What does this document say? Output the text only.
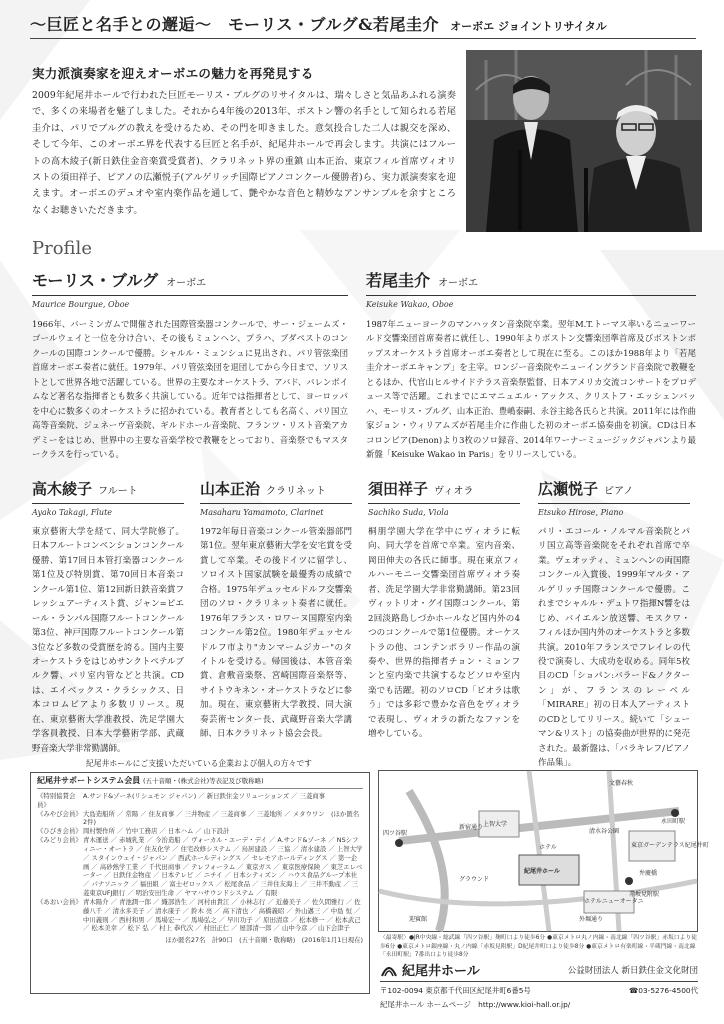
〜巨匠と名手との邂逅〜　モーリス・ブルグ&若尾圭介 オーボエ ジョイントリサイタル
実力派演奏家を迎えオーボエの魅力を再発見する

2009年紀尾井ホールで行われた巨匠モーリス・ブルグのリサイタルは、瑞々しさと気品あふれる演奏で、多くの来場者を魅了しました。それから4年後の2013年、ボストン響の名手として知られる若尾圭介は、パリでブルグの教えを受けるため、その門を叩きました。意気投合した二人は親交を深め、そして今年、このオーボエ界を代表する巨匠と名手が、紀尾井ホールで再会します。共演にはフルートの高木綾子(新日鉄住金音楽賞受賞者)、クラリネット界の重鎮 山本正治、東京フィル首席ヴィオリストの須田祥子、ピアノの広瀬悦子(アルゲリッチ国際ピアノコンクール優勝者)ら、実力派演奏家を迎えます。オーボエのデュオや室内楽作品を通して、艶やかな音色と精妙なアンサンブルを余すところなくお聴きいただきます。

Profile
モーリス・ブルグ オーボエ
Maurice Bourgue, Oboe
1966年、バーミンガムで開催された国際管楽器コンクールで、サー・ジェームズ・ゴールウェイと一位を分け合い、その後もミュンヘン、プラハ、ブダペストのコンクールの国際コンクールで優勝。シャルル・ミュンシュに見出され、パリ管弦楽団首席オーボエ奏者に就任。1979年、パリ管弦楽団を退団してから今日まで、ソリストとして世界各地で活躍している。世界の主要なオーケストラ、アバド、バレンボイムなど著名な指揮者とも数多く共演している。近年では指揮者として、ヨーロッパを中心に数多くのオーケストラに招かれている。教育者としても名高く、パリ国立高等音楽院、ジュネーヴ音楽院、ギルドホール音楽院、フランツ・リスト音楽アカデミーをはじめ、世界中の主要な音楽学校で教鞭をとっており、音楽祭でもマスタークラスを行っている。
若尾圭介 オーボエ
Keisuke Wakao, Oboe
1987年ニューヨークのマンハッタン音楽院卒業。翌年M.T.トーマス率いるニューワールド交響楽団首席奏者に就任し、1990年よりボストン交響楽団準首席及びボストンポップスオーケストラ首席オーボエ奏者として現在に至る。このほか1988年より「若尾圭介オーボエキャンプ」を主宰。ロンジー音楽院やニューイングランド音楽院で教鞭をとるほか、代官山ヒルサイドテラス音楽祭監督、日本アメリカ交流コンサートをプロデュース等で活躍。これまでにエマニュエル・アックス、クリストフ・エッシェンバッハ、モーリス・ブルグ、山本正治、豊嶋泰嗣、永谷主総各氏らと共演。2011年には作曲家ジョン・ウィリアムズが若尾圭介に作曲した初のオーボエ協奏曲を初演。CDは日本コロンビア(Denon)より3枚のソロ録音、2014年ワーナーミュージックジャパンより最新盤「Keisuke Wakao in Paris」をリリースしている。
高木綾子 フルート
Ayako Takagi, Flute
東京藝術大学を経て、同大学院修了。日本フルートコンベンションコンクール優勝、第17回日本管打楽器コンクール第1位及び特別賞、第70回日本音楽コンクール第1位、第12回新日鉄音楽賞フレッシュアーティスト賞、ジャン=ピエール・ランパル国際フルートコンクール第3位、神戸国際フルートコンクール第3位など多数の受賞歴を誇る。国内主要オーケストラをはじめサンクトペテルブルク響、パリ室内管などと共演。CDは、エイベックス・クラシックス、日本コロムビアより多数リリース。現在、東京藝術大学准教授、洗足学園大学客員教授、日本大学藝術学部、武蔵野音楽大学非常勤講師。
山本正治 クラリネット
Masaharu Yamamoto, Clarinet
1972年毎日音楽コンクール管楽器部門第1位。翌年東京藝術大学を安宅賞を受賞して卒業。その後ドイツに留学し、ソロイスト国家試験を最優秀の成績で合格。1975年デュッセルドルフ交響楽団のソロ・クラリネット奏者に就任。1976年フランス・ロワーヌ国際室内楽コンクール第2位。1980年デュッセルドルフ市より"カンマームジカー"のタイトルを受ける。帰国後は、本管音楽賞、倉敷音楽祭、宮崎国際音楽祭等、サイトウキネン・オーケストラなどに参加。現在、東京藝術大学教授、同大演奏芸術センター長、武蔵野音楽大学講師、日本クラリネット協会会長。
須田祥子 ヴィオラ
Sachiko Suda, Viola
桐朋学園大学在学中にヴィオラに転向、同大学を首席で卒業。室内音楽、岡田伸夫の各氏に師事。現在東京フィルハーモニー交響楽団首席ヴィオラ奏者、洗足学園大学非常勤講師。第23回ヴィットリオ・グイ国際コンクール、第2回淡路島しづかホールなど国内外の4つのコンクールで第1位優勝。オーケストラの他、コンテンポラリー作品の演奏や、世界的指揮者チョン・ミョンフンと室内楽で共演するなどソロや室内楽でも活躍。初のソロCD「ビオラは歌う」では多彩で豊かな音色をヴィオラで表現し、ヴィオラの新たなファンを増やしている。
広瀬悦子 ピアノ
Etsuko Hirose, Piano
パリ・エコール・ノルマル音楽院とパリ国立高等音楽院をそれぞれ首席で卒業。ヴェオッティ、ミュンヘンの両国際コンクール入賞後、1999年マルタ・アルゲリッチ国際コンクールで優勝。これまでシャルル・デュトワ指揮N響をはじめ、バイエルン放送響、モスクワ・フィルほか国内外のオーケストラと多数共演。2010年フランスでフレイレの代役で演奏し、大成功を収める。同年5枚目のCD「ショパン:バラード&ノクターン」が、フランスのレーベル「MIRARE」初の日本人アーティストのCDとしてリリース。続いて「シューマン&リスト」の協奏曲が世界的に発売された。最新盤は、「バラキレフ/ピアノ作品集」。
紀尾井ホールにご支援いただいている企業および個人の方々です
紀尾井サポートシステム会員 (五十音順・(株式会社)等表記及び敬称略)
《特別協賛会員》
A.サンド&ゾーネ(リシュモン ジャパン) ／ 新日鉄住金ソリューションズ ／ 三菱商事
《みやび会員》 大島造船所 ／ 常陽 ／ 住友商事 ／ 三井物産 ／ 三菱商事 ／ 三菱地所 ／ メタウワン　(ほか匿名2件)
《ひびき会員》 岡村製作所 ／ 竹中工務店 ／ 日本ハム ／ 山下設計
《みどり会員》 青木運送 ／ 赤城乳業 ／ 今治造船 ／ ヴォーカル・エーデ・デイ ／ A.サンド&ゾーネ ／ NSシフィニー・オートラ ／ 住友化学 ／ 住宅改修システム ／ 鳥居建設 ／ 三協 ／ 清水建設 ／ 上智大学 ／ スタインウェイ・ジャパン ／ 西武ホールディングス ／ セレモアホールディングス ／ 第一企画 ／ 高砂熱学工業 ／ 千代田商事 ／ テレフォーラム ／ 東京ガス ／ 東京医療保険 ／ 東芝エレベーター ／ 日鉄住金物産 ／ 日本テレビ ／ ニチイ ／ 日本シティズン ／ ハウス食品グループ本社 ／ パナソニック ／ 福田組 ／ 富士ゼロックス ／ 松尾食品 ／ 三井住友海上 ／ 三井不動産 ／ 三菱東京UFJ銀行 ／ 明治安田生命 ／ ヤマハサウンドシステム ／ 有限
《あおい会員》 青木陽介 ／ 青池潤一郎 ／ 織部浩生 ／ 河村由貴江 ／ 小林志行 ／ 近藤美子 ／ 佐久間雅行 ／ 佐藤八千 ／ 清水多美子 ／ 清水康子 ／ 鈴木 亮 ／ 高下清也 ／ 高橋義昭 ／ 外山邁三 ／ 中島 恒 ／ 中川義則 ／ 西村和男 ／ 馬場宏一 ／ 馬場弘之 ／ 早川功子 ／ 原田清彦 ／ 松本修一 ／ 松本武己 ／ 松本美幸 ／ 松下 弘 ／ 村上 恭代次 ／ 村田正仁 ／ 屋部清一郎 ／ 山中今彦 ／ 山下会津子
ほか匿名27名　計90口　(五十音順・敬称略)　(2016年1月1日現在)
文藝春秋
上智大学
迎賓館
紀尾井ホール
ホテルニューオータニ
四ツ谷駅
赤坂見附駅
清水谷公園
東京ガーデンテラス紀尾井町
永田町駅
弁慶橋
ホテル
グラウンド
新宿通り
外堀通り
〈最寄駅〉●JR中央線・総武線「四ツ谷駅」麹町口より徒歩6分 ●東京メトロ丸ノ内線・南北線「四ツ谷駅」赤坂口より徒歩6分 ●東京メトロ銀座線・丸ノ内線「赤坂見附駅」D紀尾井町口より徒歩8分 ●東京メトロ有楽町線・半蔵門線・南北線「永田町駅」7番出口より徒歩8分
紀尾井ホール	公益財団法人 新日鉄住金文化財団
〒102-0094 東京都千代田区紀尾井町6番5号	☎03-5276-4500代
紀尾井ホール ホームページ　http://www.kioi-hall.or.jp/
